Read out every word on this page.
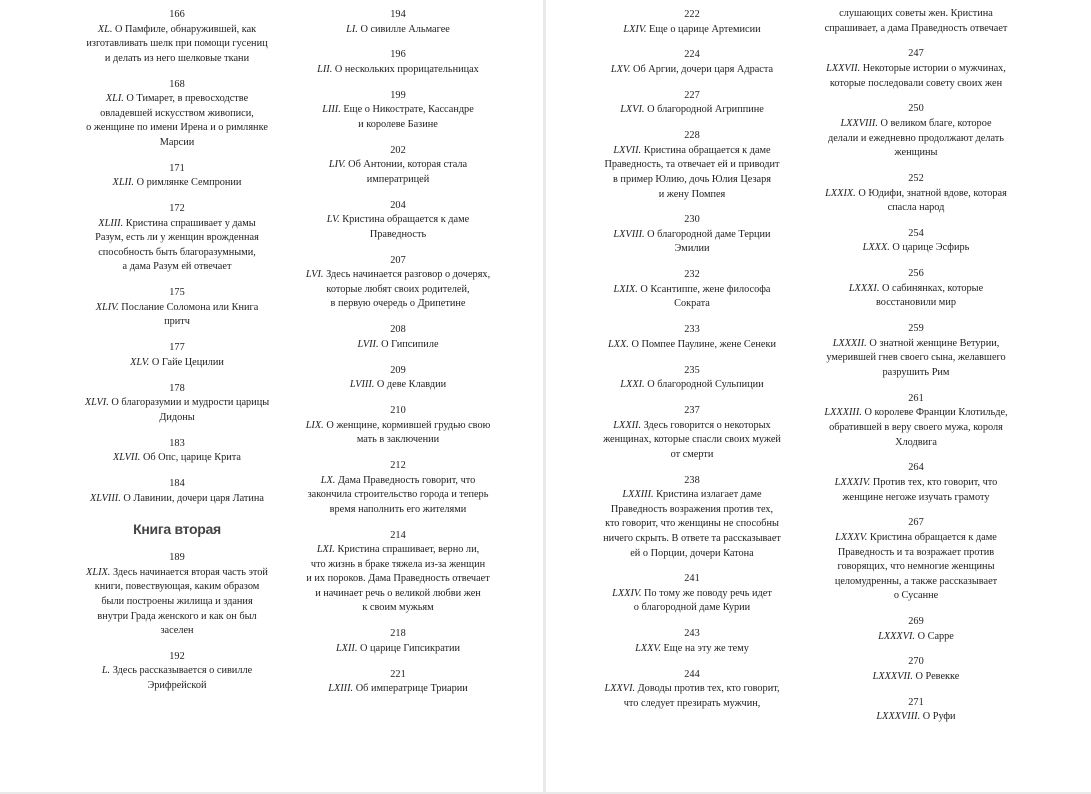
166
XL. О Памфиле, обнаружившей, как
изготавливать шелк при помощи гусениц
и делать из него шелковые ткани
168
XLI. О Тимарет, в превосходстве
овладевшей искусством живописи,
о женщине по имени Ирена и о римлянке
Марсии
171
XLII. О римлянке Семпронии
172
XLIII. Кристина спрашивает у дамы
Разум, есть ли у женщин врожденная
способность быть благоразумными,
а дама Разум ей отвечает
175
XLIV. Послание Соломона или Книга
притч
177
XLV. О Гайе Цецилии
178
XLVI. О благоразумии и мудрости царицы
Дидоны
183
XLVII. Об Опс, царице Крита
184
XLVIII. О Лавинии, дочери царя Латина
Книга вторая
189
XLIX. Здесь начинается вторая часть этой
книги, повествующая, каким образом
были построены жилища и здания
внутри Града женского и как он был
заселен
192
L. Здесь рассказывается о сивилле
Эрифрейской
194
LI. О сивилле Альмагее
196
LII. О нескольких прорицательницах
199
LIII. Еще о Никострате, Кассандре
и королеве Базине
202
LIV. Об Антонии, которая стала
императрицей
204
LV. Кристина обращается к даме
Праведность
207
LVI. Здесь начинается разговор о дочерях,
которые любят своих родителей,
в первую очередь о Дрипетине
208
LVII. О Гипсипиле
209
LVIII. О деве Клавдии
210
LIX. О женщине, кормившей грудью свою
мать в заключении
212
LX. Дама Праведность говорит, что
закончила строительство города и теперь
время наполнить его жителями
214
LXI. Кристина спрашивает, верно ли,
что жизнь в браке тяжела из-за женщин
и их пороков. Дама Праведность отвечает
и начинает речь о великой любви жен
к своим мужьям
218
LXII. О царице Гипсикратии
221
LXIII. Об императрице Триарии
222
LXIV. Еще о царице Артемисии
224
LXV. Об Аргии, дочери царя Адраста
227
LXVI. О благородной Агриппине
228
LXVII. Кристина обращается к даме
Праведность, та отвечает ей и приводит
в пример Юлию, дочь Юлия Цезаря
и жену Помпея
230
LXVIII. О благородной даме Терции
Эмилии
232
LXIX. О Ксантиппе, жене философа
Сократа
233
LXX. О Помпее Паулине, жене Сенеки
235
LXXI. О благородной Сульпиции
237
LXXII. Здесь говорится о некоторых
женщинах, которые спасли своих мужей
от смерти
238
LXXIII. Кристина излагает даме
Праведность возражения против тех,
кто говорит, что женщины не способны
ничего скрыть. В ответе та рассказывает
ей о Порции, дочери Катона
241
LXXIV. По тому же поводу речь идет
о благородной даме Курии
243
LXXV. Еще на эту же тему
244
LXXVI. Доводы против тех, кто говорит,
что следует презирать мужчин,
слушающих советы жен. Кристина
спрашивает, а дама Праведность отвечает
247
LXXVII. Некоторые истории о мужчинах,
которые последовали совету своих жен
250
LXXVIII. О великом благе, которое
делали и ежедневно продолжают делать
женщины
252
LXXIX. О Юдифи, знатной вдове, которая
спасла народ
254
LXXX. О царице Эсфирь
256
LXXXI. О сабинянках, которые
восстановили мир
259
LXXXII. О знатной женщине Ветурии,
умерившей гнев своего сына, желавшего
разрушить Рим
261
LXXXIII. О королеве Франции Клотильде,
обратившей в веру своего мужа, короля
Хлодвига
264
LXXXIV. Против тех, кто говорит, что
женщине негоже изучать грамоту
267
LXXXV. Кристина обращается к даме
Праведность и та возражает против
говорящих, что немногие женщины
целомудренны, а также рассказывает
о Сусанне
269
LXXXVI. О Сарре
270
LXXXVII. О Ревекке
271
LXXXVIII. О Руфи
